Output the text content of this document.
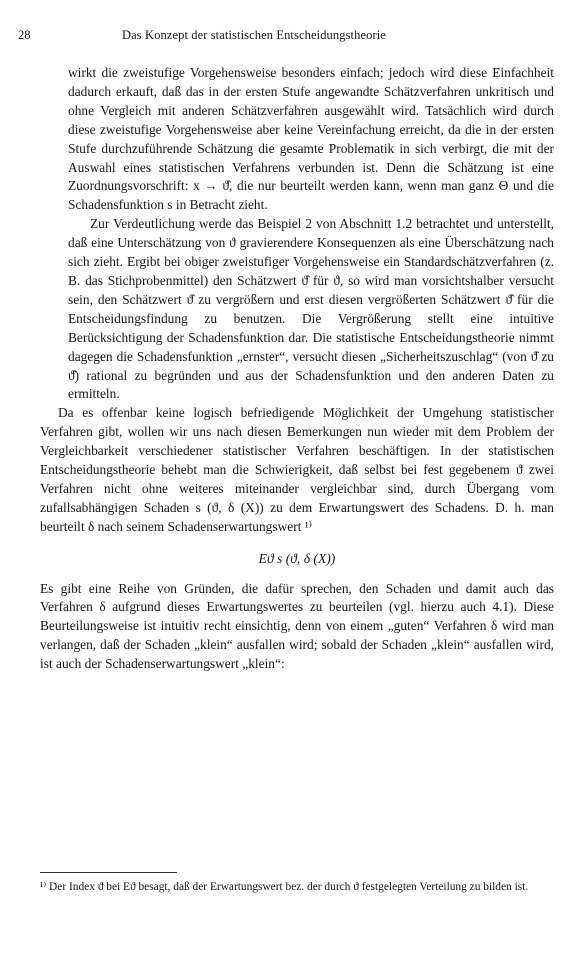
28	Das Konzept der statistischen Entscheidungstheorie

wirkt die zweistufige Vorgehensweise besonders einfach; jedoch wird diese Einfachheit dadurch erkauft, daß das in der ersten Stufe angewandte Schätzverfahren unkritisch und ohne Vergleich mit anderen Schätzverfahren ausgewählt wird. Tatsächlich wird durch diese zweistufige Vorgehensweise aber keine Vereinfachung erreicht, da die in der ersten Stufe durchzuführende Schätzung die gesamte Problematik in sich verbirgt, die mit der Auswahl eines statistischen Verfahrens verbunden ist. Denn die Schätzung ist eine Zuordnungsvorschrift: x → ϑ̂, die nur beurteilt werden kann, wenn man ganz Θ und die Schadensfunktion s in Betracht zieht.

Zur Verdeutlichung werde das Beispiel 2 von Abschnitt 1.2 betrachtet und unterstellt, daß eine Unterschätzung von ϑ gravierendere Konsequenzen als eine Überschätzung nach sich zieht. Ergibt bei obiger zweistufiger Vorgehensweise ein Standardschätzverfahren (z. B. das Stichprobenmittel) den Schätzwert ϑ̂ für ϑ, so wird man vorsichtshalber versucht sein, den Schätzwert ϑ̂ zu vergrößern und erst diesen vergrößerten Schätzwert ϑ̂̂ für die Entscheidungsfindung zu benutzen. Die Vergrößerung stellt eine intuitive Berücksichtigung der Schadensfunktion dar. Die statistische Entscheidungstheorie nimmt dagegen die Schadensfunktion „ernster“, versucht diesen „Sicherheitszuschlag“ (von ϑ̂ zu ϑ̂̂) rational zu begründen und aus der Schadensfunktion und den anderen Daten zu ermitteln.

Da es offenbar keine logisch befriedigende Möglichkeit der Umgehung statistischer Verfahren gibt, wollen wir uns nach diesen Bemerkungen nun wieder mit dem Problem der Vergleichbarkeit verschiedener statistischer Verfahren beschäftigen. In der statistischen Entscheidungstheorie behebt man die Schwierigkeit, daß selbst bei fest gegebenem ϑ zwei Verfahren nicht ohne weiteres miteinander vergleichbar sind, durch Übergang vom zufallsabhängigen Schaden s (ϑ, δ (X)) zu dem Erwartungswert des Schadens. D. h. man beurteilt δ nach seinem Schadenserwartungswert ¹⁾

Eϑ s (ϑ, δ (X))

Es gibt eine Reihe von Gründen, die dafür sprechen, den Schaden und damit auch das Verfahren δ aufgrund dieses Erwartungswertes zu beurteilen (vgl. hierzu auch 4.1). Diese Beurteilungsweise ist intuitiv recht einsichtig, denn von einem „guten“ Verfahren δ wird man verlangen, daß der Schaden „klein“ ausfallen wird; sobald der Schaden „klein“ ausfallen wird, ist auch der Schadenserwartungswert „klein“:

¹⁾ Der Index ϑ bei Eϑ besagt, daß der Erwartungswert bez. der durch ϑ festgelegten Verteilung zu bilden ist.
